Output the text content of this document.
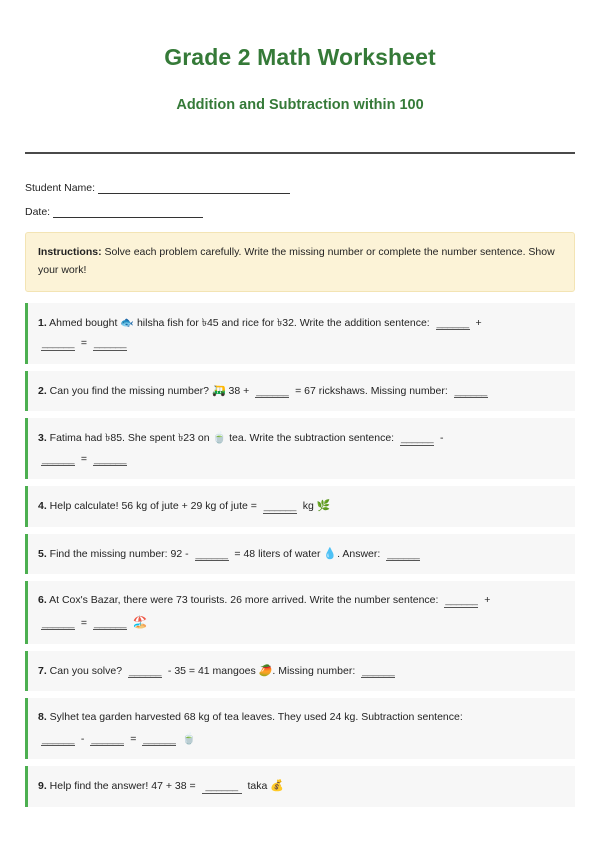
Grade 2 Math Worksheet
Addition and Subtraction within 100
Student Name:
Date:
Instructions: Solve each problem carefully. Write the missing number or complete the number sentence. Show your work!
1. Ahmed bought 🐟 hilsha fish for ৳45 and rice for ৳32. Write the addition sentence: ______ +
______ = ______
2. Can you find the missing number? 🛺 38 + ______ = 67 rickshaws. Missing number: ______
3. Fatima had ৳85. She spent ৳23 on 🍵 tea. Write the subtraction sentence: ______ -
______ = ______
4. Help calculate! 56 kg of jute + 29 kg of jute = ______ kg 🌿
5. Find the missing number: 92 - ______ = 48 liters of water 💧. Answer: ______
6. At Cox's Bazar, there were 73 tourists. 26 more arrived. Write the number sentence: ______ +
______ = ______ 🏖️
7. Can you solve? ______ - 35 = 41 mangoes 🥭. Missing number: ______
8. Sylhet tea garden harvested 68 kg of tea leaves. They used 24 kg. Subtraction sentence:
______ - ______ = ______ 🍵
9. Help find the answer! 47 + 38 = ______ taka 💰
